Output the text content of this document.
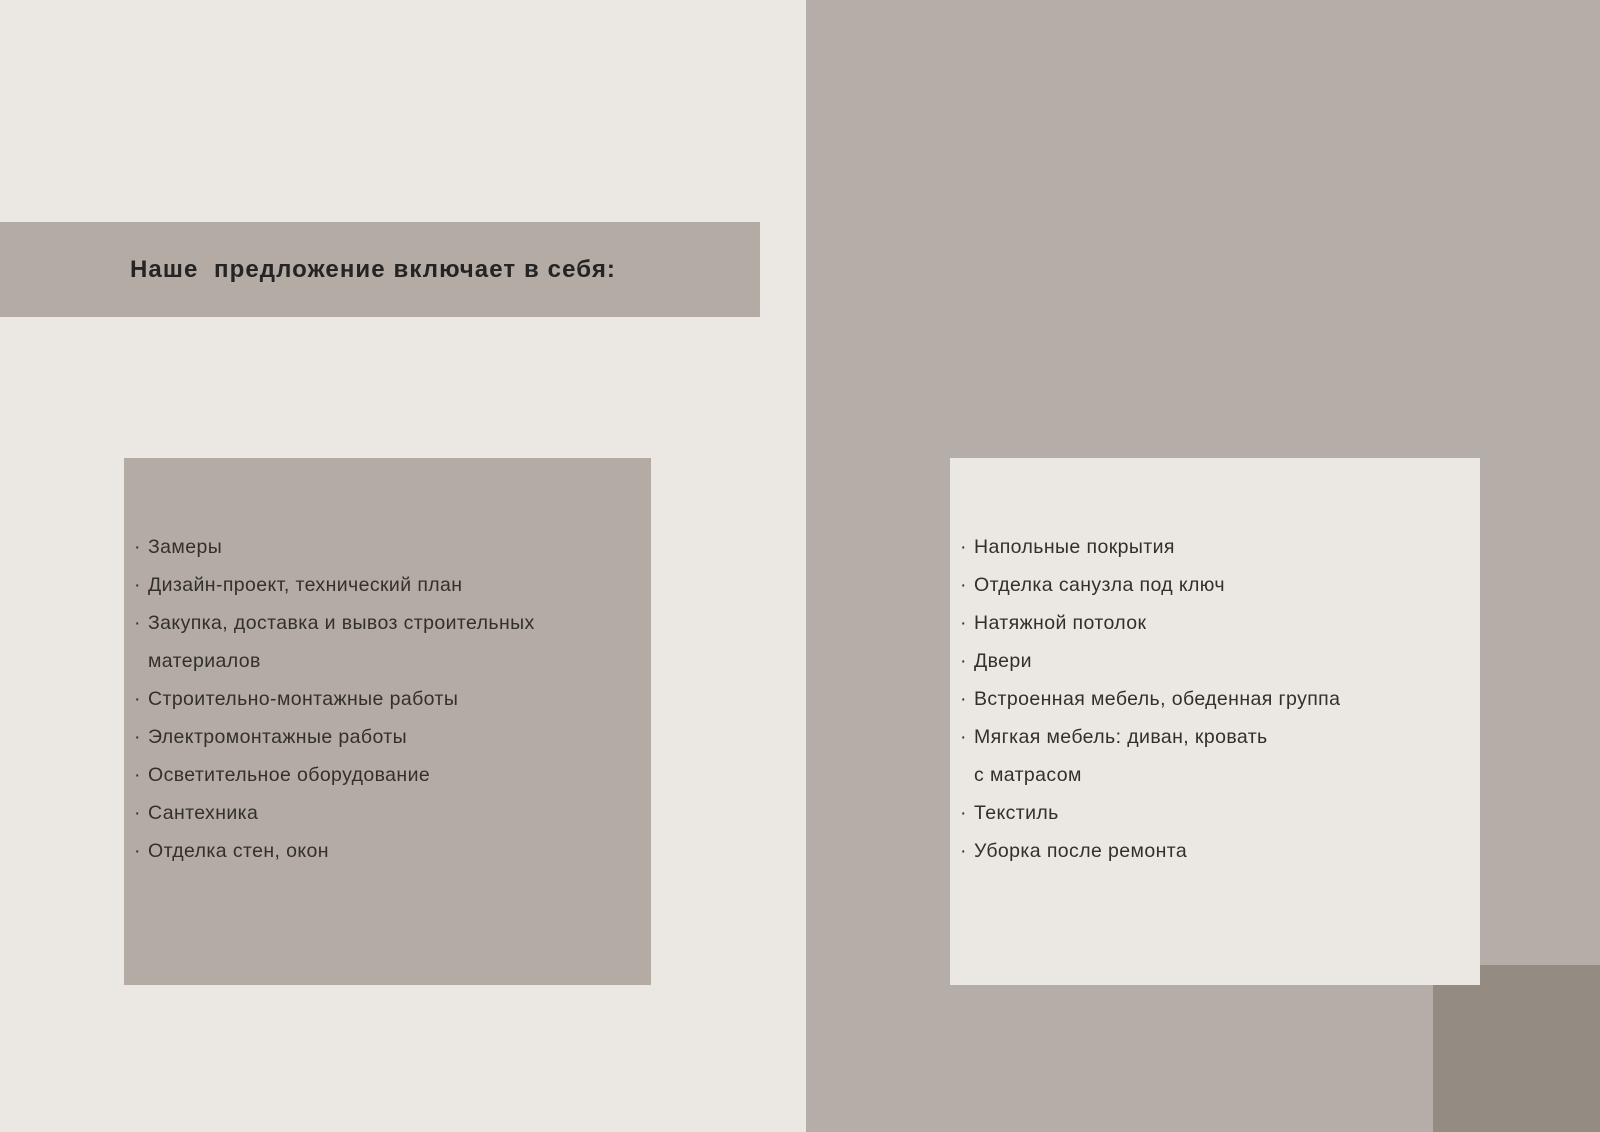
Наше  предложение включает в себя:
· Замеры
· Дизайн-проект, технический план
· Закупка, доставка и вывоз строительных
материалов
· Строительно-монтажные работы
· Электромонтажные работы
· Осветительное оборудование
· Сантехника
· Отделка стен, окон
· Напольные покрытия
· Отделка санузла под ключ
· Натяжной потолок
· Двери
· Встроенная мебель, обеденная группа
· Мягкая мебель: диван, кровать
с матрасом
· Текстиль
· Уборка после ремонта
